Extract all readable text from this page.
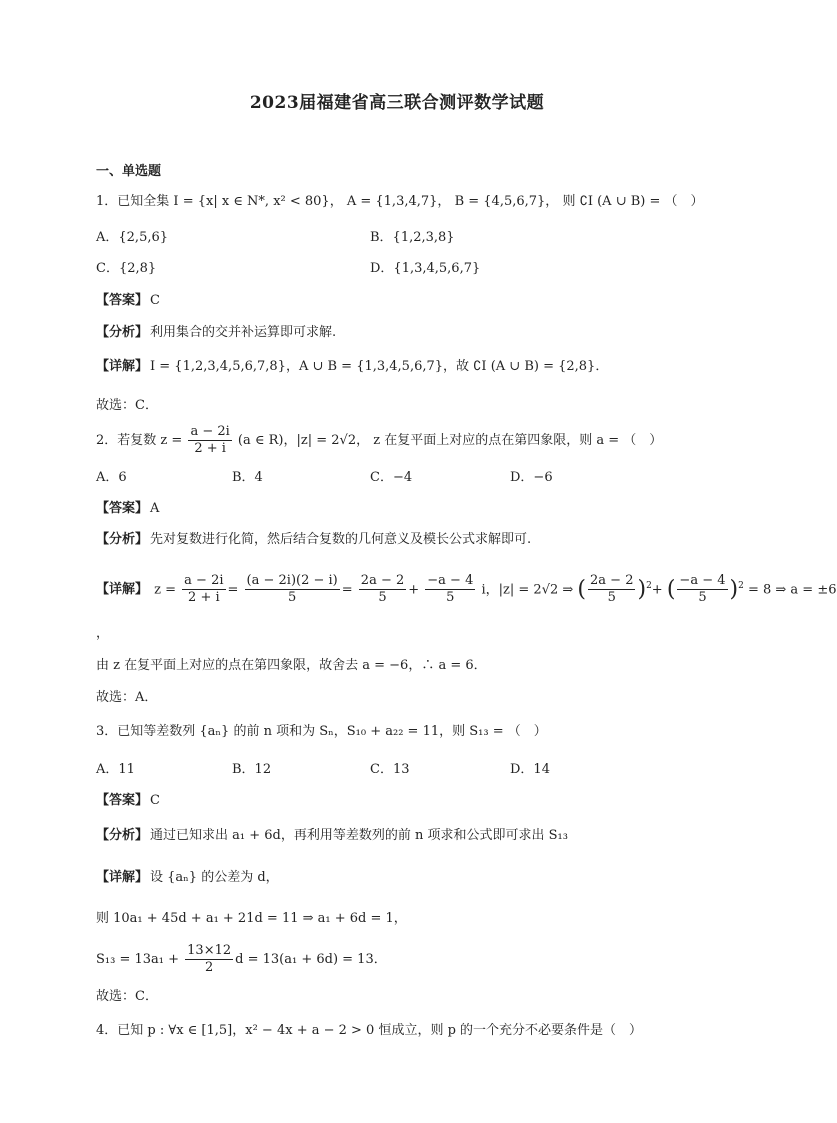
2023届福建省高三联合测评数学试题
一、单选题
1．已知全集 I = {x| x ∈ N*, x² < 80}， A = {1,3,4,7}， B = {4,5,6,7}， 则 ∁I (A ∪ B) = （　）
A．{2,5,6}	B．{1,2,3,8}
C．{2,8}	D．{1,3,4,5,6,7}
【答案】 C
【分析】 利用集合的交并补运算即可求解.
【详解】 I = {1,2,3,4,5,6,7,8}，A ∪ B = {1,3,4,5,6,7}，故 ∁I (A ∪ B) = {2,8}．
故选：C．
2．若复数 $z = \frac{a - 2i}{2 + i} (a$ ∈ R)，|z| = 2√2， z 在复平面上对应的点在第四象限，则 a = （　）
A．6	B．4	C．−4	D．−6
【答案】 A
【分析】 先对复数进行化简，然后结合复数的几何意义及模长公式求解即可.
【详解】 $z = \frac{a - 2i}{2 + i} = \frac{(a - 2i)(2 - i)}{5} = \frac{2a - 2}{5} + \frac{-a - 4}{5}$ i，|z| = 2√2 ⇒ ( $\frac{2a - 2}{5} )^2+$ ( $\frac{-a - 4}{5} )^2 = 8$ ⇒ a = ±6
，
由 z 在复平面上对应的点在第四象限，故舍去 a = −6，∴ a = 6．
故选：A．
3．已知等差数列 {aₙ} 的前 n 项和为 Sₙ，S₁₀ + a₂₂ = 11，则 S₁₃ = （　）
A．11	B．12	C．13	D．14
【答案】 C
【分析】 通过已知求出 a₁ + 6d，再利用等差数列的前 n 项求和公式即可求出 S₁₃
【详解】 设 {aₙ} 的公差为 d，
则 10a₁ + 45d + a₁ + 21d = 11 ⇒ a₁ + 6d = 1，
$S_{13} = 13a_1 + \frac{13\times 12}{2}$ d = 13(a₁ + 6d) = 13．
故选：C．
4．已知 p : ∀x ∈ [1,5]，x² − 4x + a − 2 > 0 恒成立，则 p 的一个充分不必要条件是（　）
